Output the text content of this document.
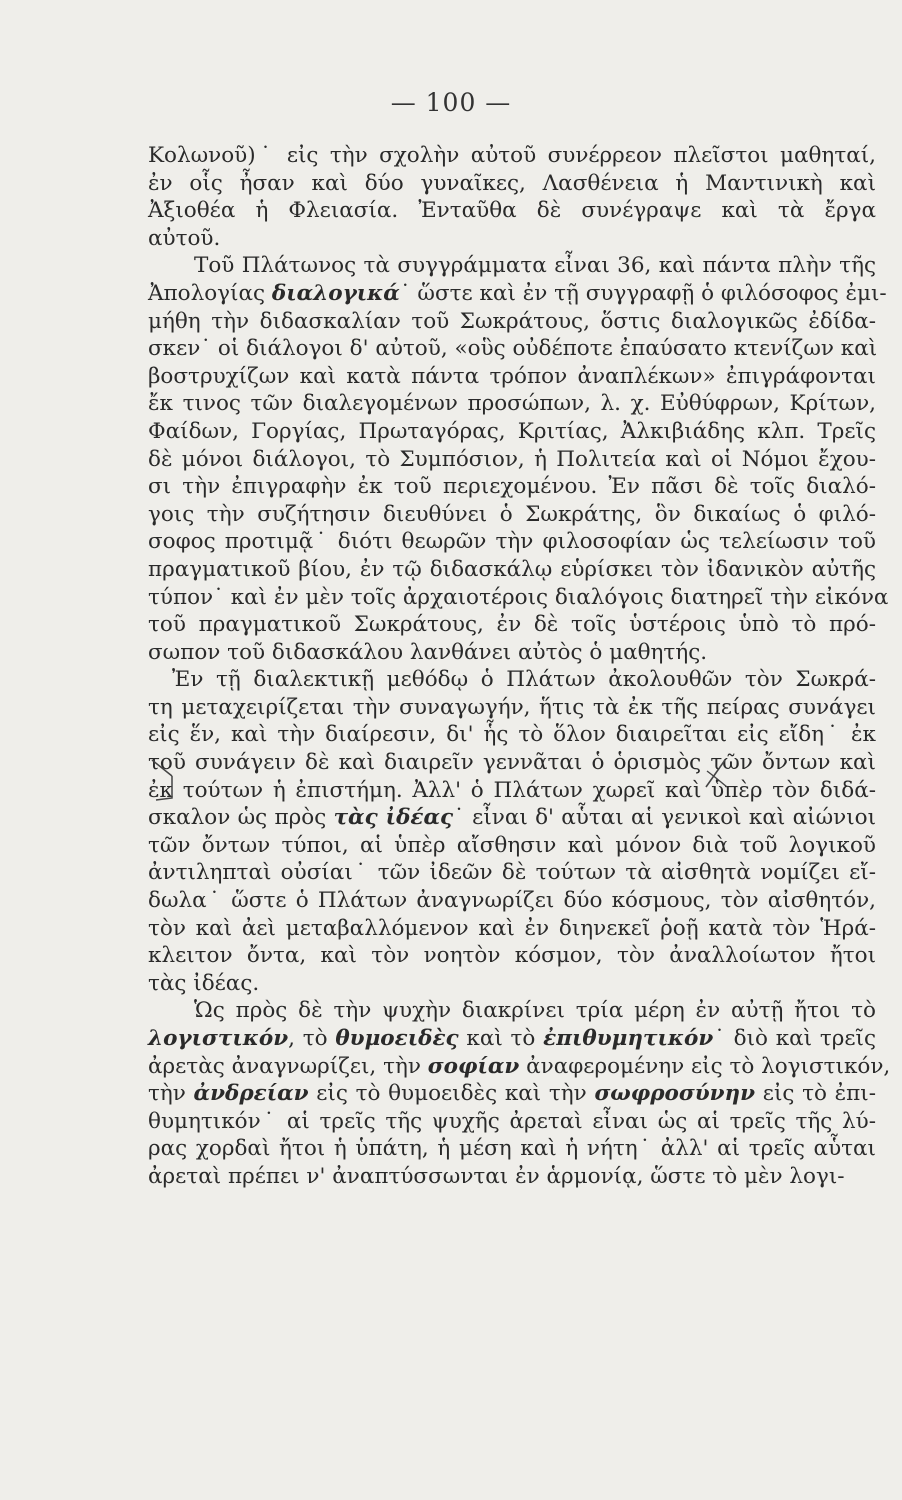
— 100 —
Κολωνοῦ)˙ εἰς τὴν σχολὴν αὐτοῦ συνέρρεον πλεῖστοι μαθηταί,
ἐν οἷς ἦσαν καὶ δύο γυναῖκες, Λασθένεια ἡ Μαντινικὴ καὶ
Ἀξιοθέα ἡ Φλειασία. Ἐνταῦθα δὲ συνέγραψε καὶ τὰ ἔργα
αὐτοῦ.
Τοῦ Πλάτωνος τὰ συγγράμματα εἶναι 36, καὶ πάντα πλὴν τῆς
Ἀπολογίας διαλογικά˙ ὥστε καὶ ἐν τῇ συγγραφῇ ὁ φιλόσοφος ἐμι-
μήθη τὴν διδασκαλίαν τοῦ Σωκράτους, ὅστις διαλογικῶς ἐδίδα-
σκεν˙ οἱ διάλογοι δ' αὐτοῦ, «οὓς οὐδέποτε ἐπαύσατο κτενίζων καὶ
βοστρυχίζων καὶ κατὰ πάντα τρόπον ἀναπλέκων» ἐπιγράφονται
ἔκ τινος τῶν διαλεγομένων προσώπων, λ. χ. Εὐθύφρων, Κρίτων,
Φαίδων, Γοργίας, Πρωταγόρας, Κριτίας, Ἀλκιβιάδης κλπ. Τρεῖς
δὲ μόνοι διάλογοι, τὸ Συμπόσιον, ἡ Πολιτεία καὶ οἱ Νόμοι ἔχου-
σι τὴν ἐπιγραφὴν ἐκ τοῦ περιεχομένου. Ἐν πᾶσι δὲ τοῖς διαλό-
γοις τὴν συζήτησιν διευθύνει ὁ Σωκράτης, ὃν δικαίως ὁ φιλό-
σοφος προτιμᾷ˙ διότι θεωρῶν τὴν φιλοσοφίαν ὡς τελείωσιν τοῦ
πραγματικοῦ βίου, ἐν τῷ διδασκάλῳ εὑρίσκει τὸν ἰδανικὸν αὐτῆς
τύπον˙ καὶ ἐν μὲν τοῖς ἀρχαιοτέροις διαλόγοις διατηρεῖ τὴν εἰκόνα
τοῦ πραγματικοῦ Σωκράτους, ἐν δὲ τοῖς ὑστέροις ὑπὸ τὸ πρό-
σωπον τοῦ διδασκάλου λανθάνει αὐτὸς ὁ μαθητής.
Ἐν τῇ διαλεκτικῇ μεθόδῳ ὁ Πλάτων ἀκολουθῶν τὸν Σωκρά-
τη μεταχειρίζεται τὴν συναγωγήν, ἥτις τὰ ἐκ τῆς πείρας συνάγει
εἰς ἕν, καὶ τὴν διαίρεσιν, δι' ἧς τὸ ὅλον διαιρεῖται εἰς εἴδη˙ ἐκ
τοῦ συνάγειν δὲ καὶ διαιρεῖν γεννᾶται ὁ ὁρισμὸς τῶν ὄντων καὶ
ἐκ τούτων ἡ ἐπιστήμη. Ἀλλ' ὁ Πλάτων χωρεῖ καὶ ὑπὲρ τὸν διδά-
σκαλον ὡς πρὸς τὰς ἰδέας˙ εἶναι δ' αὗται αἱ γενικοὶ καὶ αἰώνιοι
τῶν ὄντων τύποι, αἱ ὑπὲρ αἴσθησιν καὶ μόνον διὰ τοῦ λογικοῦ
ἀντιληπταὶ οὐσίαι˙ τῶν ἰδεῶν δὲ τούτων τὰ αἰσθητὰ νομίζει εἴ-
δωλα˙ ὥστε ὁ Πλάτων ἀναγνωρίζει δύο κόσμους, τὸν αἰσθητόν,
τὸν καὶ ἀεὶ μεταβαλλόμενον καὶ ἐν διηνεκεῖ ῥοῇ κατὰ τὸν Ἡρά-
κλειτον ὄντα, καὶ τὸν νοητὸν κόσμον, τὸν ἀναλλοίωτον ἤτοι
τὰς ἰδέας.
Ὡς πρὸς δὲ τὴν ψυχὴν διακρίνει τρία μέρη ἐν αὐτῇ ἤτοι τὸ
λογιστικόν, τὸ θυμοειδὲς καὶ τὸ ἐπιθυμητικόν˙ διὸ καὶ τρεῖς
ἀρετὰς ἀναγνωρίζει, τὴν σοφίαν ἀναφερομένην εἰς τὸ λογιστικόν,
τὴν ἀνδρείαν εἰς τὸ θυμοειδὲς καὶ τὴν σωφροσύνην εἰς τὸ ἐπι-
θυμητικόν˙ αἱ τρεῖς τῆς ψυχῆς ἀρεταὶ εἶναι ὡς αἱ τρεῖς τῆς λύ-
ρας χορδαὶ ἤτοι ἡ ὑπάτη, ἡ μέση καὶ ἡ νήτη˙ ἀλλ' αἱ τρεῖς αὗται
ἀρεταὶ πρέπει ν' ἀναπτύσσωνται ἐν ἁρμονίᾳ, ὥστε τὸ μὲν λογι-
